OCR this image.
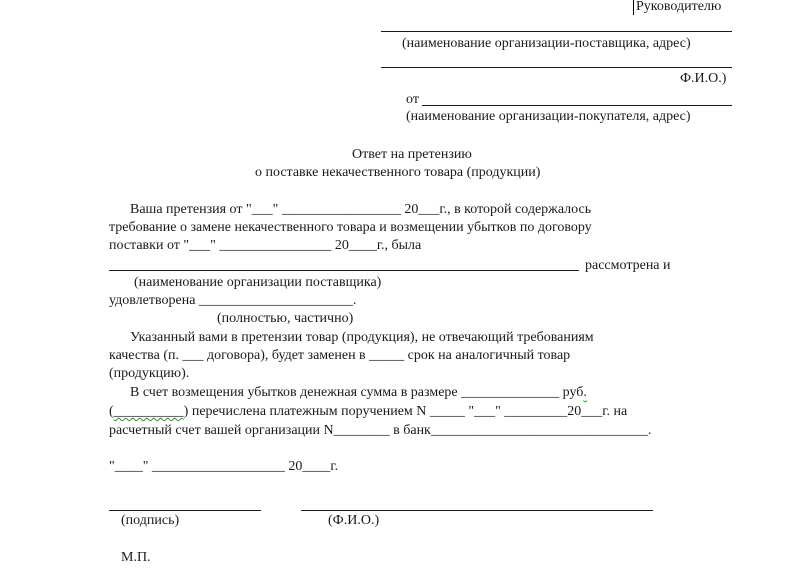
Руководителю

(наименование организации-поставщика, адрес)

Ф.И.О.)

от

(наименование организации-покупателя, адрес)

Ответ на претензию

о поставке некачественного товара (продукции)

Ваша претензия от "___" _________________ 20___г., в которой содержалось

требование о замене некачественного товара и возмещении убытков по договору

поставки от "___" ________________ 20____г., была

рассмотрена и

(наименование организации поставщика)

удовлетворена ______________________.

(полностью, частично)

Указанный вами в претензии товар (продукция), не отвечающий требованиям

качества (п. ___ договора), будет заменен в _____ срок на аналогичный товар

(продукцию).

В счет возмещения убытков денежная сумма в размере ______________ руб.

(__________) перечислена платежным поручением N _____ "___" _________20___г. на

расчетный счет вашей организации N________ в банк_______________________________.

"____" ___________________ 20____г.

(подпись)	(Ф.И.О.)

М.П.
